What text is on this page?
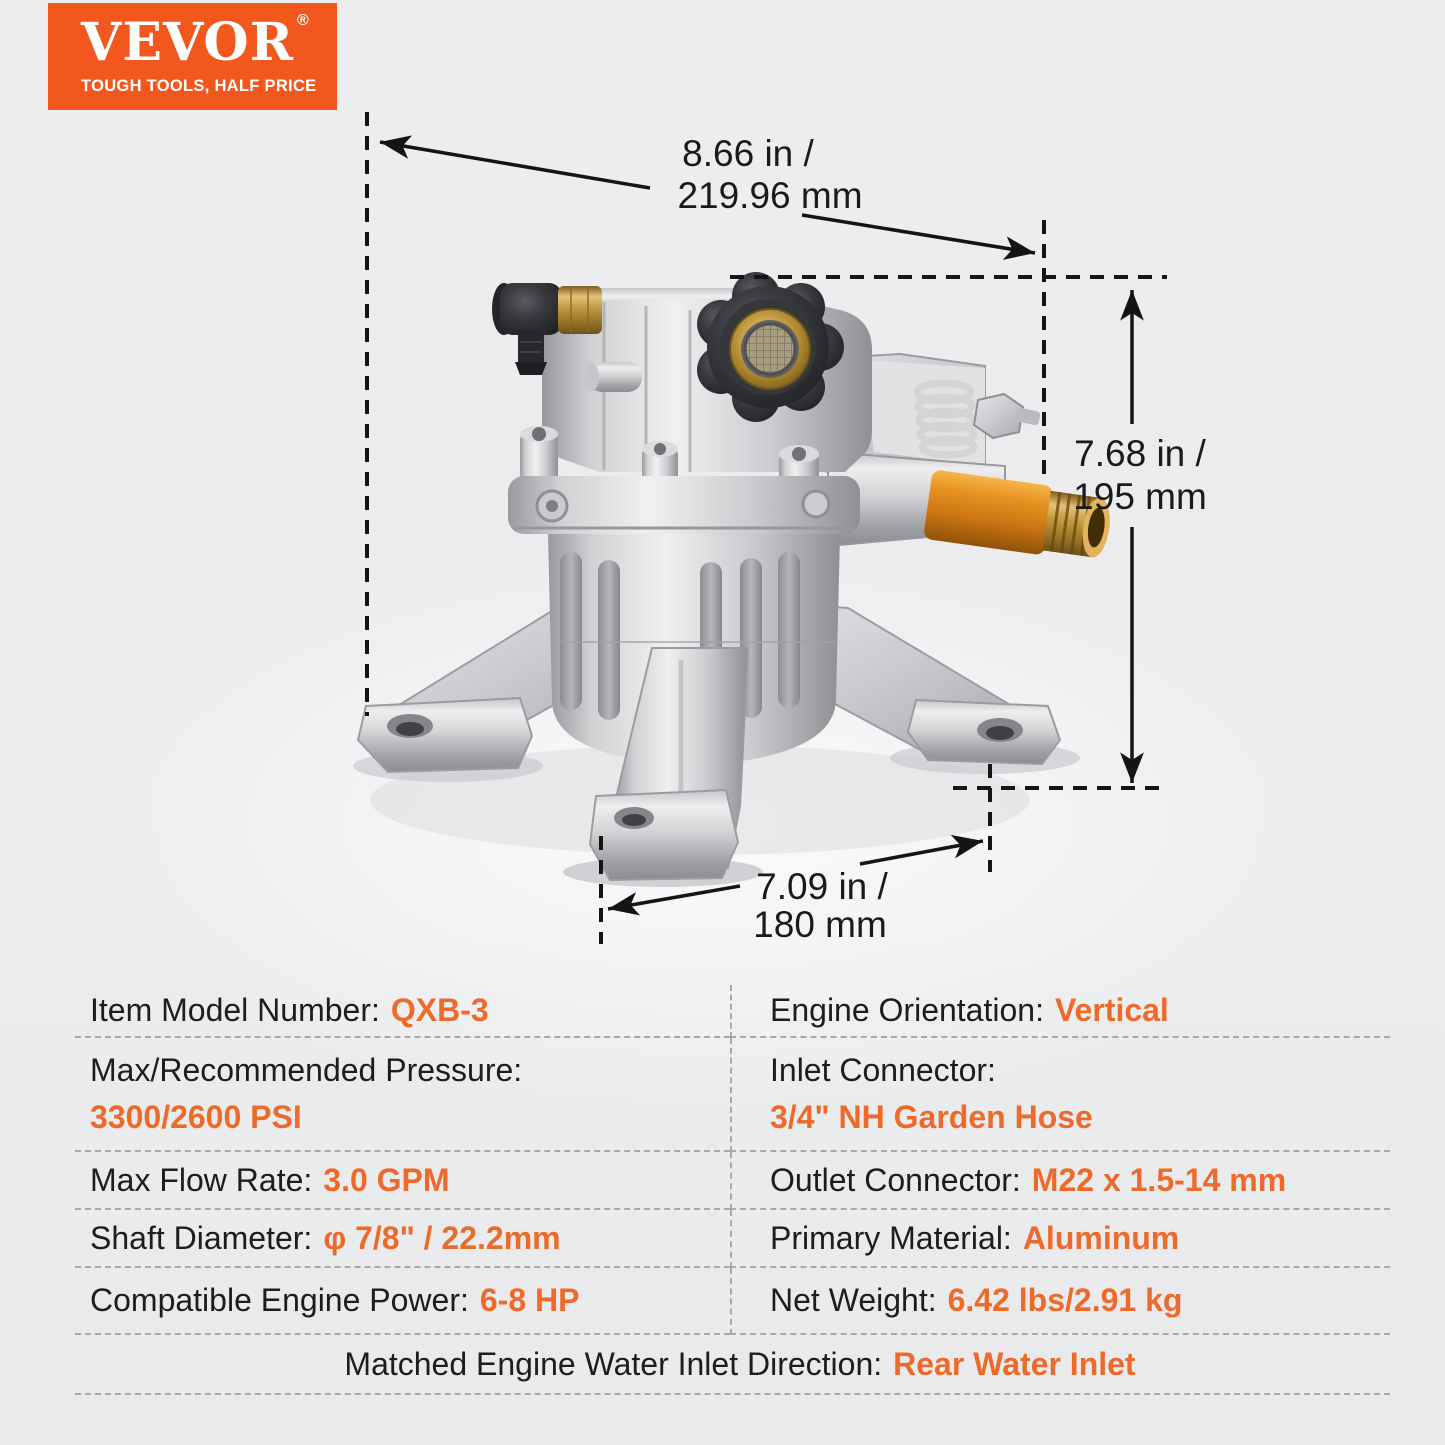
VEVOR ®
TOUGH TOOLS, HALF PRICE
8.66 in /
219.96 mm
7.68 in /
195 mm
7.09 in /
180 mm
Item Model Number: QXB-3	Engine Orientation: Vertical
Max/Recommended Pressure:
3300/2600 PSI
Inlet Connector:
3/4" NH Garden Hose
Max Flow Rate: 3.0 GPM	Outlet Connector: M22 x 1.5-14 mm
Shaft Diameter: φ 7/8" / 22.2mm	Primary Material: Aluminum
Compatible Engine Power: 6-8 HP	Net Weight: 6.42 lbs/2.91 kg
Matched Engine Water Inlet Direction: Rear Water Inlet
